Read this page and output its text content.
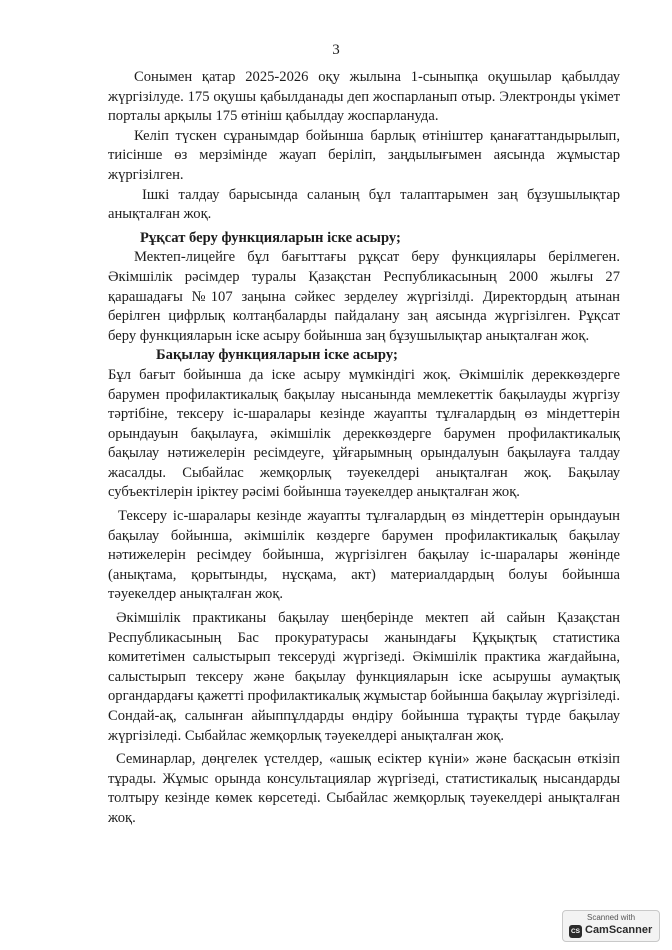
3

Сонымен қатар 2025-2026 оқу жылына 1-сыныпқа оқушылар қабылдау жүргізілуде. 175 оқушы қабылданады деп жоспарланып отыр. Электронды үкімет порталы арқылы 175 өтініш қабылдау жоспарлануда.

Келіп түскен сұранымдар бойынша барлық өтініштер қанағаттандырылып, тиісінше өз мерзімінде жауап беріліп, заңдылығымен аясында жұмыстар жүргізілген.

Ішкі талдау барысында саланың бұл талаптарымен заң бұзушылықтар анықталған жоқ.

Рұқсат беру функцияларын іске асыру;

Мектеп-лицейге бұл бағыттағы рұқсат беру функциялары берілмеген. Әкімшілік рәсімдер туралы Қазақстан Республикасының 2000 жылғы 27 қарашадағы №107 заңына сәйкес зерделеу жүргізілді. Директордың атынан берілген цифрлық колтаңбаларды пайдалану заң аясында жүргізілген. Рұқсат беру функцияларын іске асыру бойынша заң бұзушылықтар анықталған жоқ.

Бақылау функцияларын іске асыру;

Бұл бағыт бойынша да іске асыру мүмкіндігі жоқ. Әкімшілік дереккөздерге барумен профилактикалық бақылау нысанында мемлекеттік бақылауды жүргізу тәртібіне, тексеру іс-шаралары кезінде жауапты тұлғалардың өз міндеттерін орындауын бақылауға, әкімшілік дереккөздерге барумен профилактикалық бақылау нәтижелерін ресімдеуге, ұйғарымның орындалуын бақылауға талдау жасалды. Сыбайлас жемқорлық тәуекелдері анықталған жоқ. Бақылау субъектілерін іріктеу рәсімі бойынша тәуекелдер анықталған жоқ.

Тексеру іс-шаралары кезінде жауапты тұлғалардың өз міндеттерін орындауын бақылау бойынша, әкімшілік көздерге барумен профилактикалық бақылау нәтижелерін ресімдеу бойынша, жүргізілген бақылау іс-шаралары жөнінде (анықтама, қорытынды, нұсқама, акт) материалдардың болуы бойынша тәуекелдер анықталған жоқ.

Әкімшілік практиканы бақылау шеңберінде мектеп ай сайын Қазақстан Республикасының Бас прокуратурасы жанындағы Құқықтық статистика комитетімен салыстырып тексеруді жүргізеді. Әкімшілік практика жағдайына, салыстырып тексеру және бақылау функцияларын іске асырушы аумақтық органдардағы қажетті профилактикалық жұмыстар бойынша бақылау жүргізіледі. Сондай-ақ, салынған айыппұлдарды өндіру бойынша тұрақты түрде бақылау жүргізіледі. Сыбайлас жемқорлық тәуекелдері анықталған жоқ.

Семинарлар, дөңгелек үстелдер, «ашық есіктер күніи» және басқасын өткізіп тұрады. Жұмыс орында консультациялар жүргізеді, статистикалық нысандарды толтыру кезінде көмек көрсетеді. Сыбайлас жемқорлық тәуекелдері анықталған жоқ.

Scanned with
CS CamScanner
